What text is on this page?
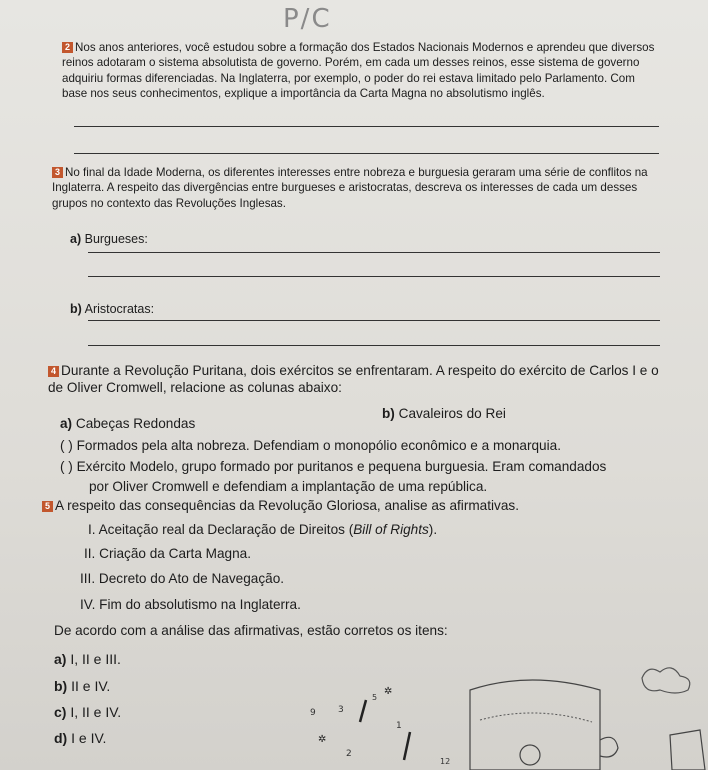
P/C

2 Nos anos anteriores, você estudou sobre a formação dos Estados Nacionais Modernos e aprendeu que diversos reinos adotaram o sistema absolutista de governo. Porém, em cada um desses reinos, esse sistema de governo adquiriu formas diferenciadas. Na Inglaterra, por exemplo, o poder do rei estava limitado pelo Parlamento. Com base nos seus conhecimentos, explique a importância da Carta Magna no absolutismo inglês.

3 No final da Idade Moderna, os diferentes interesses entre nobreza e burguesia geraram uma série de conflitos na Inglaterra. A respeito das divergências entre burgueses e aristocratas, descreva os interesses de cada um desses grupos no contexto das Revoluções Inglesas.

a) Burgueses:
b) Aristocratas:

4 Durante a Revolução Puritana, dois exércitos se enfrentaram. A respeito do exército de Carlos I e o de Oliver Cromwell, relacione as colunas abaixo:

a) Cabeças Redondas
b) Cavaleiros do Rei
( ) Formados pela alta nobreza. Defendiam o monopólio econômico e a monarquia.
( ) Exército Modelo, grupo formado por puritanos e pequena burguesia. Eram comandados
por Oliver Cromwell e defendiam a implantação de uma república.

5 A respeito das consequências da Revolução Gloriosa, analise as afirmativas.

I. Aceitação real da Declaração de Direitos (Bill of Rights).
II. Criação da Carta Magna.
III. Decreto do Ato de Navegação.
IV. Fim do absolutismo na Inglaterra.
De acordo com a análise das afirmativas, estão corretos os itens:
a) I, II e III.
b) II e IV.
c) I, II e IV.
d) I e IV.
9 3
5
1
2
12
✲
✲
